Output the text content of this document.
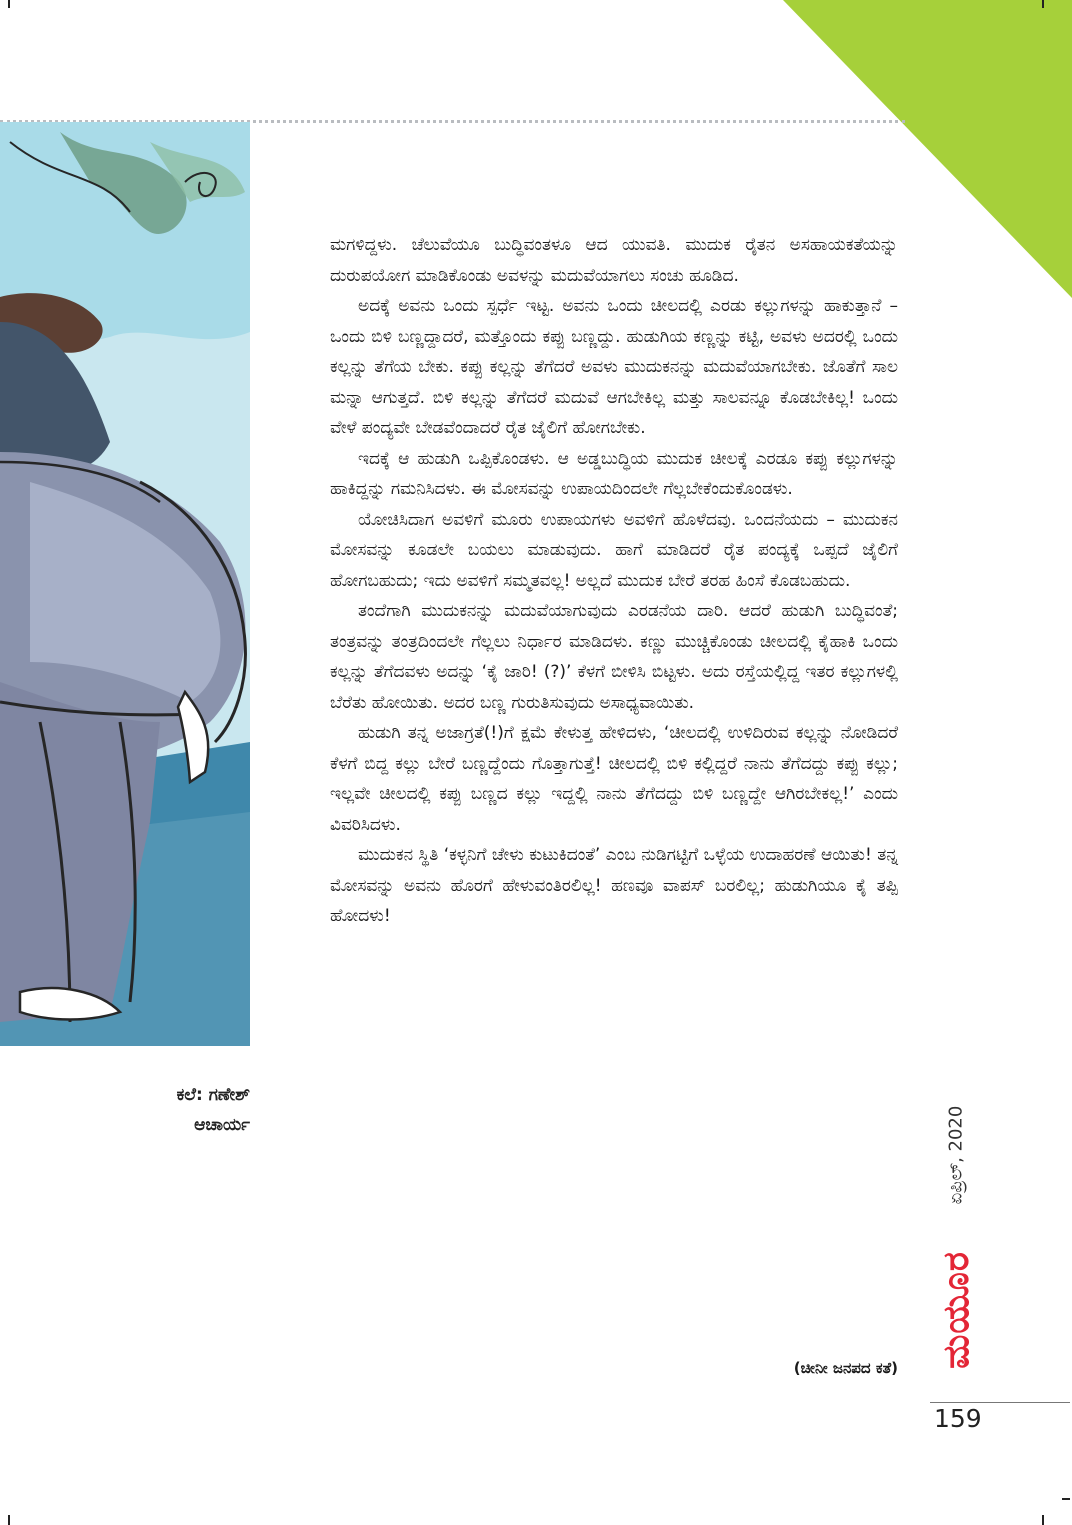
ಕಲೆ: ಗಣೇಶ್
ಆಚಾರ್ಯ

ಮಗಳಿದ್ದಳು. ಚೆಲುವೆಯೂ ಬುದ್ಧಿವಂತಳೂ ಆದ ಯುವತಿ. ಮುದುಕ ರೈತನ ಅಸಹಾಯಕತೆಯನ್ನು ದುರುಪಯೋಗ ಮಾಡಿಕೊಂಡು ಅವಳನ್ನು ಮದುವೆಯಾಗಲು ಸಂಚು ಹೂಡಿದ.

ಅದಕ್ಕೆ ಅವನು ಒಂದು ಸ್ಪರ್ಧೆ ಇಟ್ಟ. ಅವನು ಒಂದು ಚೀಲದಲ್ಲಿ ಎರಡು ಕಲ್ಲುಗಳನ್ನು ಹಾಕುತ್ತಾನೆ – ಒಂದು ಬಿಳಿ ಬಣ್ಣದ್ದಾದರೆ, ಮತ್ತೊಂದು ಕಪ್ಪು ಬಣ್ಣದ್ದು. ಹುಡುಗಿಯ ಕಣ್ಣನ್ನು ಕಟ್ಟಿ, ಅವಳು ಅದರಲ್ಲಿ ಒಂದು ಕಲ್ಲನ್ನು ತೆಗೆಯ ಬೇಕು. ಕಪ್ಪು ಕಲ್ಲನ್ನು ತೆಗೆದರೆ ಅವಳು ಮುದುಕನನ್ನು ಮದುವೆಯಾಗಬೇಕು. ಜೊತೆಗೆ ಸಾಲ ಮನ್ನಾ ಆಗುತ್ತದೆ. ಬಿಳಿ ಕಲ್ಲನ್ನು ತೆಗೆದರೆ ಮದುವೆ ಆಗಬೇಕಿಲ್ಲ ಮತ್ತು ಸಾಲವನ್ನೂ ಕೊಡಬೇಕಿಲ್ಲ! ಒಂದು ವೇಳೆ ಪಂದ್ಯವೇ ಬೇಡವೆಂದಾದರೆ ರೈತ ಜೈಲಿಗೆ ಹೋಗಬೇಕು.

ಇದಕ್ಕೆ ಆ ಹುಡುಗಿ ಒಪ್ಪಿಕೊಂಡಳು. ಆ ಅಡ್ಡಬುದ್ಧಿಯ ಮುದುಕ ಚೀಲಕ್ಕೆ ಎರಡೂ ಕಪ್ಪು ಕಲ್ಲುಗಳನ್ನು ಹಾಕಿದ್ದನ್ನು ಗಮನಿಸಿದಳು. ಈ ಮೋಸವನ್ನು ಉಪಾಯದಿಂದಲೇ ಗೆಲ್ಲಬೇಕೆಂದುಕೊಂಡಳು.

ಯೋಚಿಸಿದಾಗ ಅವಳಿಗೆ ಮೂರು ಉಪಾಯಗಳು ಅವಳಿಗೆ ಹೊಳೆದವು. ಒಂದನೆಯದು – ಮುದುಕನ ಮೋಸವನ್ನು ಕೂಡಲೇ ಬಯಲು ಮಾಡುವುದು. ಹಾಗೆ ಮಾಡಿದರೆ ರೈತ ಪಂದ್ಯಕ್ಕೆ ಒಪ್ಪದೆ ಜೈಲಿಗೆ ಹೋಗಬಹುದು; ಇದು ಅವಳಿಗೆ ಸಮ್ಮತವಲ್ಲ! ಅಲ್ಲದೆ ಮುದುಕ ಬೇರೆ ತರಹ ಹಿಂಸೆ ಕೊಡಬಹುದು.

ತಂದೆಗಾಗಿ ಮುದುಕನನ್ನು ಮದುವೆಯಾಗುವುದು ಎರಡನೆಯ ದಾರಿ. ಆದರೆ ಹುಡುಗಿ ಬುದ್ಧಿವಂತೆ; ತಂತ್ರವನ್ನು ತಂತ್ರದಿಂದಲೇ ಗೆಲ್ಲಲು ನಿರ್ಧಾರ ಮಾಡಿದಳು. ಕಣ್ಣು ಮುಚ್ಚಿಕೊಂಡು ಚೀಲದಲ್ಲಿ ಕೈಹಾಕಿ ಒಂದು ಕಲ್ಲನ್ನು ತೆಗೆದವಳು ಅದನ್ನು ‘ಕೈ ಜಾರಿ! (?)’ ಕೆಳಗೆ ಬೀಳಿಸಿ ಬಿಟ್ಟಳು. ಅದು ರಸ್ತೆಯಲ್ಲಿದ್ದ ಇತರ ಕಲ್ಲುಗಳಲ್ಲಿ ಬೆರೆತು ಹೋಯಿತು. ಅದರ ಬಣ್ಣ ಗುರುತಿಸುವುದು ಅಸಾಧ್ಯವಾಯಿತು.

ಹುಡುಗಿ ತನ್ನ ಅಜಾಗ್ರತೆ(!)ಗೆ ಕ್ಷಮೆ ಕೇಳುತ್ತ ಹೇಳಿದಳು, ‘ಚೀಲದಲ್ಲಿ ಉಳಿದಿರುವ ಕಲ್ಲನ್ನು ನೋಡಿದರೆ ಕೆಳಗೆ ಬಿದ್ದ ಕಲ್ಲು ಬೇರೆ ಬಣ್ಣದ್ದೆಂದು ಗೊತ್ತಾಗುತ್ತೆ! ಚೀಲದಲ್ಲಿ ಬಿಳಿ ಕಲ್ಲಿದ್ದರೆ ನಾನು ತೆಗೆದದ್ದು ಕಪ್ಪು ಕಲ್ಲು; ಇಲ್ಲವೇ ಚೀಲದಲ್ಲಿ ಕಪ್ಪು ಬಣ್ಣದ ಕಲ್ಲು ಇದ್ದಲ್ಲಿ ನಾನು ತೆಗೆದದ್ದು ಬಿಳಿ ಬಣ್ಣದ್ದೇ ಆಗಿರಬೇಕಲ್ಲ!’ ಎಂದು ವಿವರಿಸಿದಳು.

ಮುದುಕನ ಸ್ಥಿತಿ ‘ಕಳ್ಳನಿಗೆ ಚೇಳು ಕುಟುಕಿದಂತೆ’ ಎಂಬ ನುಡಿಗಟ್ಟಿಗೆ ಒಳ್ಳೆಯ ಉದಾಹರಣೆ ಆಯಿತು! ತನ್ನ ಮೋಸವನ್ನು ಅವನು ಹೊರಗೆ ಹೇಳುವಂತಿರಲಿಲ್ಲ! ಹಣವೂ ವಾಪಸ್ ಬರಲಿಲ್ಲ; ಹುಡುಗಿಯೂ ಕೈ ತಪ್ಪಿ ಹೋದಳು!

(ಚೀನೀ ಜನಪದ ಕತೆ)
ಏಪ್ರಿಲ್, 2020
ಮಯೂರ
159
